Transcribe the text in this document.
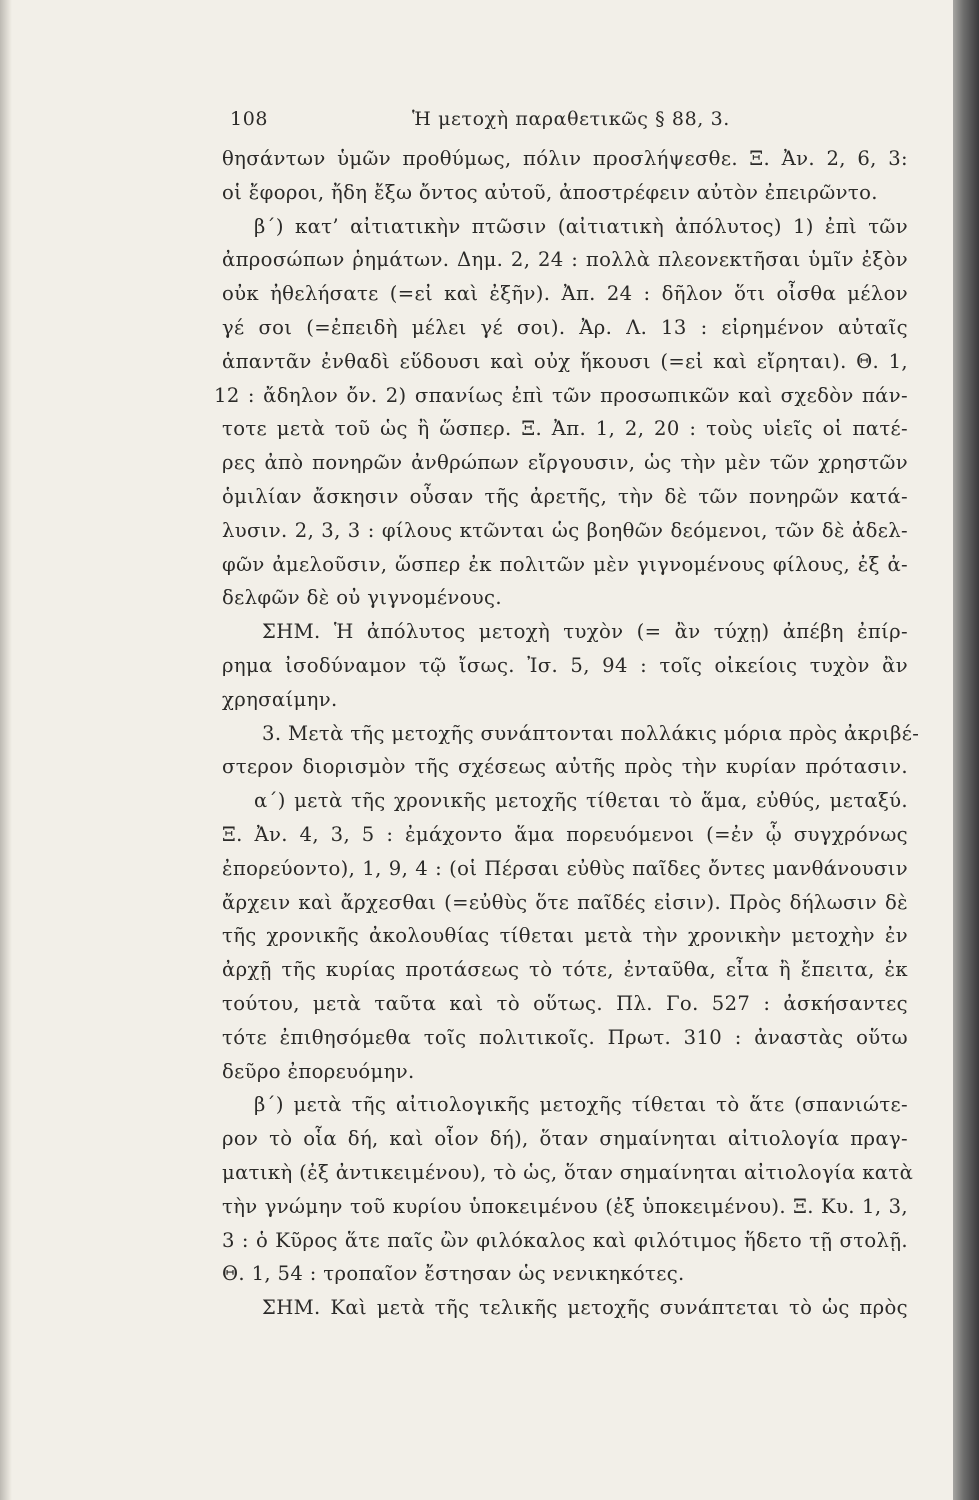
108	Ἡ μετοχὴ παραθετικῶς § 88, 3.
θησάντων ὑμῶν προθύμως, πόλιν προσλήψεσθε. Ξ. Ἀν. 2, 6, 3:
οἱ ἔφοροι, ἤδη ἔξω ὄντος αὐτοῦ, ἀποστρέφειν αὐτὸν ἐπειρῶντο.
β´) κατ’ αἰτιατικὴν πτῶσιν (αἰτιατικὴ ἀπόλυτος) 1) ἐπὶ τῶν
ἀπροσώπων ῥημάτων. Δημ. 2, 24 : πολλὰ πλεονεκτῆσαι ὑμῖν ἐξὸν
οὐκ ἠθελήσατε (=εἰ καὶ ἐξῆν). Ἀπ. 24 : δῆλον ὅτι οἶσθα μέλον
γέ σοι (=ἐπειδὴ μέλει γέ σοι). Ἀρ. Λ. 13 : εἰρημένον αὐταῖς
ἁπαντᾶν ἐνθαδὶ εὕδουσι καὶ οὐχ ἥκουσι (=εἰ καὶ εἴρηται). Θ. 1,
12 : ἄδηλον ὄν. 2) σπανίως ἐπὶ τῶν προσωπικῶν καὶ σχεδὸν πάν-
τοτε μετὰ τοῦ ὡς ἢ ὥσπερ. Ξ. Ἀπ. 1, 2, 20 : τοὺς υἱεῖς οἱ πατέ-
ρες ἀπὸ πονηρῶν ἀνθρώπων εἴργουσιν, ὡς τὴν μὲν τῶν χρηστῶν
ὁμιλίαν ἄσκησιν οὖσαν τῆς ἀρετῆς, τὴν δὲ τῶν πονηρῶν κατά-
λυσιν. 2, 3, 3 : φίλους κτῶνται ὡς βοηθῶν δεόμενοι, τῶν δὲ ἀδελ-
φῶν ἀμελοῦσιν, ὥσπερ ἐκ πολιτῶν μὲν γιγνομένους φίλους, ἐξ ἀ-
δελφῶν δὲ οὐ γιγνομένους.
ΣΗΜ. Ἡ ἀπόλυτος μετοχὴ τυχὸν (= ἂν τύχῃ) ἀπέβη ἐπίρ-
ρημα ἰσοδύναμον τῷ ἴσως. Ἰσ. 5, 94 : τοῖς οἰκείοις τυχὸν ἂν
χρησαίμην.
3. Μετὰ τῆς μετοχῆς συνάπτονται πολλάκις μόρια πρὸς ἀκριβέ-
στερον διορισμὸν τῆς σχέσεως αὐτῆς πρὸς τὴν κυρίαν πρότασιν.
α´) μετὰ τῆς χρονικῆς μετοχῆς τίθεται τὸ ἅμα, εὐθύς, μεταξύ.
Ξ. Ἀν. 4, 3, 5 : ἐμάχοντο ἅμα πορευόμενοι (=ἐν ᾧ συγχρόνως
ἐπορεύοντο), 1, 9, 4 : (οἱ Πέρσαι εὐθὺς παῖδες ὄντες μανθάνουσιν
ἄρχειν καὶ ἄρχεσθαι (=εὐθὺς ὅτε παῖδές εἰσιν). Πρὸς δήλωσιν δὲ
τῆς χρονικῆς ἀκολουθίας τίθεται μετὰ τὴν χρονικὴν μετοχὴν ἐν
ἀρχῇ τῆς κυρίας προτάσεως τὸ τότε, ἐνταῦθα, εἶτα ἢ ἔπειτα, ἐκ
τούτου, μετὰ ταῦτα καὶ τὸ οὕτως. Πλ. Γο. 527 : ἀσκήσαντες
τότε ἐπιθησόμεθα τοῖς πολιτικοῖς. Πρωτ. 310 : ἀναστὰς οὕτω
δεῦρο ἐπορευόμην.
β´) μετὰ τῆς αἰτιολογικῆς μετοχῆς τίθεται τὸ ἅτε (σπανιώτε-
ρον τὸ οἷα δή, καὶ οἷον δή), ὅταν σημαίνηται αἰτιολογία πραγ-
ματικὴ (ἐξ ἀντικειμένου), τὸ ὡς, ὅταν σημαίνηται αἰτιολογία κατὰ
τὴν γνώμην τοῦ κυρίου ὑποκειμένου (ἐξ ὑποκειμένου). Ξ. Κυ. 1, 3,
3 : ὁ Κῦρος ἅτε παῖς ὢν φιλόκαλος καὶ φιλότιμος ἥδετο τῇ στολῇ.
Θ. 1, 54 : τροπαῖον ἔστησαν ὡς νενικηκότες.
ΣΗΜ. Καὶ μετὰ τῆς τελικῆς μετοχῆς συνάπτεται τὸ ὡς πρὸς
